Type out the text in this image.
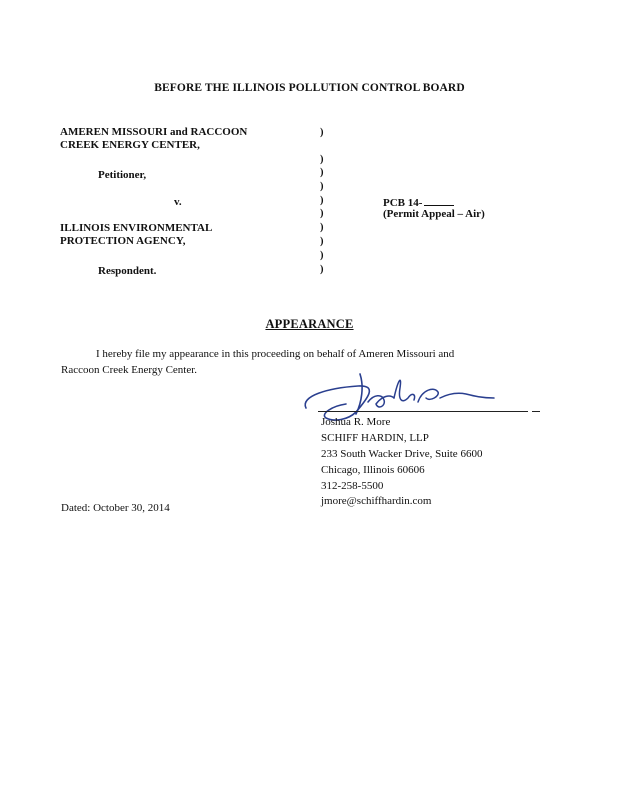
BEFORE THE ILLINOIS POLLUTION CONTROL BOARD
AMEREN MISSOURI and RACCOON
CREEK ENERGY CENTER,
Petitioner,
v.
ILLINOIS ENVIRONMENTAL
PROTECTION AGENCY,
Respondent.
)
)
)
)
)
)
)
)
)
)
PCB 14-
(Permit Appeal – Air)
APPEARANCE
I hereby file my appearance in this proceeding on behalf of Ameren Missouri and
Raccoon Creek Energy Center.
Joshua R. More
SCHIFF HARDIN, LLP
233 South Wacker Drive, Suite 6600
Chicago, Illinois 60606
312-258-5500
jmore@schiffhardin.com
Dated: October 30, 2014
